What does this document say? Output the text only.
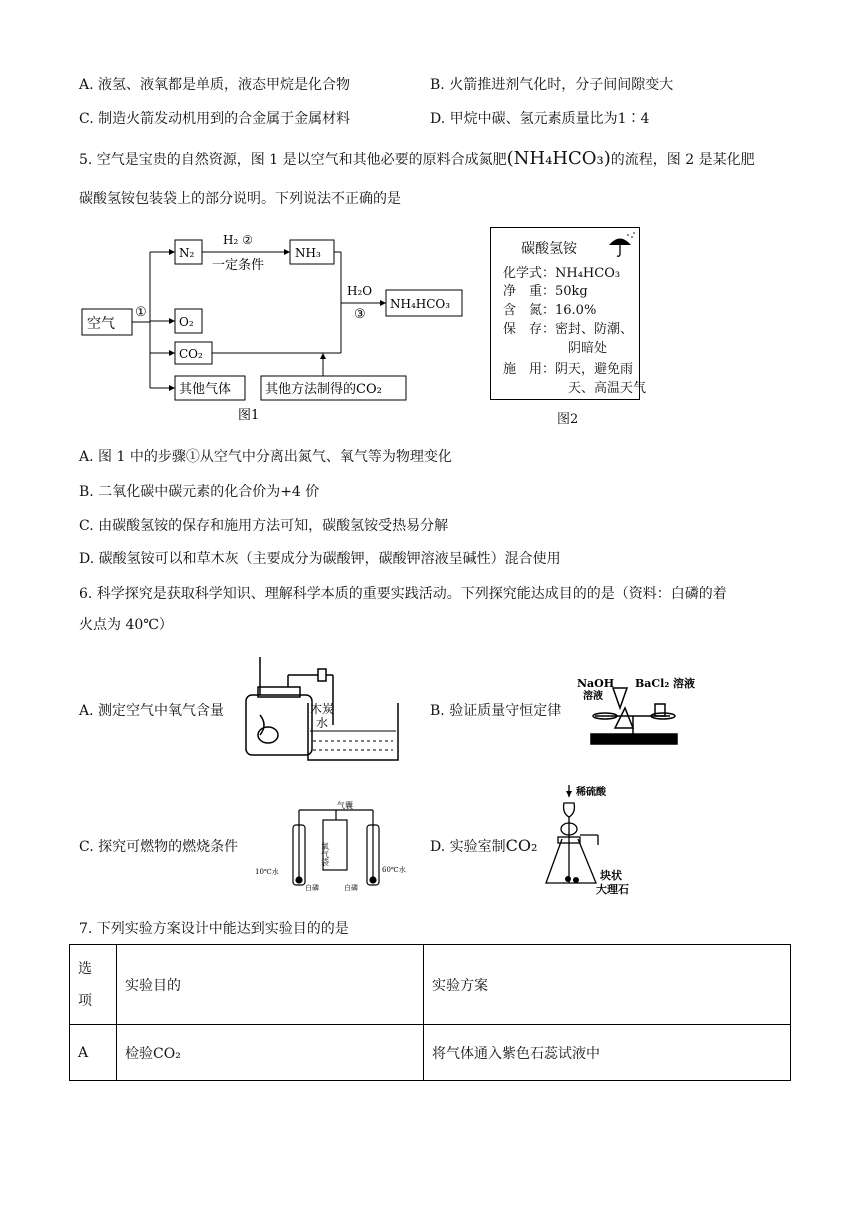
A. 液氢、液氧都是单质，液态甲烷是化合物	B. 火箭推进剂气化时，分子间间隙变大
C. 制造火箭发动机用到的合金属于金属材料	D. 甲烷中碳、氢元素质量比为1∶4
5. 空气是宝贵的自然资源，图 1 是以空气和其他必要的原料合成氮肥(NH₄HCO₃)的流程，图 2 是某化肥
碳酸氢铵包装袋上的部分说明。下列说法不正确的是
空气
①
N₂
O₂
CO₂
其他气体
NH₃
H₂ ②
一定条件
H₂O
③
NH₄HCO₃
其他方法制得的CO₂
图1
碳酸氢铵
化学式：NH₄HCO₃
净　重：50kg
含　氮：16.0%
保　存：密封、防潮、
阴暗处
施　用：阴天，避免雨
天、高温天气
图2
A. 图 1 中的步骤①从空气中分离出氮气、氧气等为物理变化
B. 二氧化碳中碳元素的化合价为+4 价
C. 由碳酸氢铵的保存和施用方法可知，碳酸氢铵受热易分解
D. 碳酸氢铵可以和草木灰（主要成分为碳酸钾，碳酸钾溶液呈碱性）混合使用
6. 科学探究是获取科学知识、理解科学本质的重要实践活动。下列探究能达成目的的是（资料：白磷的着
火点为 40℃）
A. 测定空气中氧气含量	B. 验证质量守恒定律
C. 探究可燃物的燃烧条件	D. 实验室制CO₂
木炭
水
NaOH
溶液
BaCl₂ 溶液
气囊
氧气袋
10℃水	60℃水
白磷	白磷
稀硫酸
块状
大理石
7. 下列实验方案设计中能达到实验目的的是
选
项	实验目的	实验方案
A	检验CO₂	将气体通入紫色石蕊试液中
